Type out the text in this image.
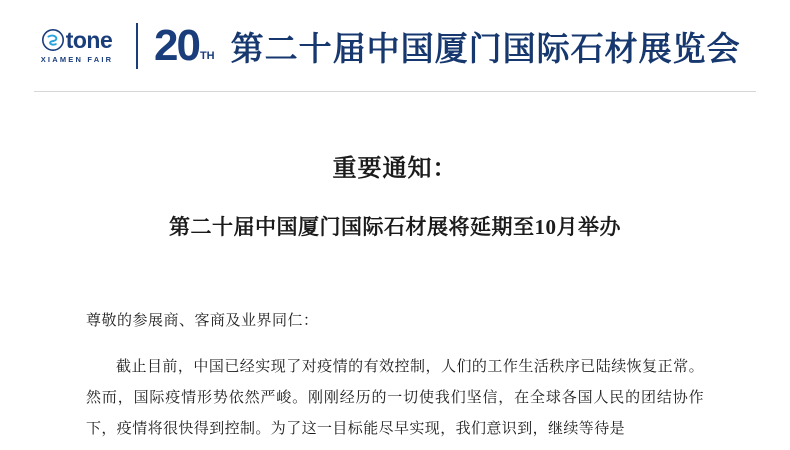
tone
XIAMEN FAIR 20 TH 第二十届中国厦门国际石材展览会
重要通知：
第二十届中国厦门国际石材展将延期至10月举办
尊敬的参展商、客商及业界同仁：
截止目前，中国已经实现了对疫情的有效控制，人们的工作生活秩序已陆续恢复正常。然而，国际疫情形势依然严峻。刚刚经历的一切使我们坚信，在全球各国人民的团结协作下，疫情将很快得到控制。为了这一目标能尽早实现，我们意识到，继续等待是
